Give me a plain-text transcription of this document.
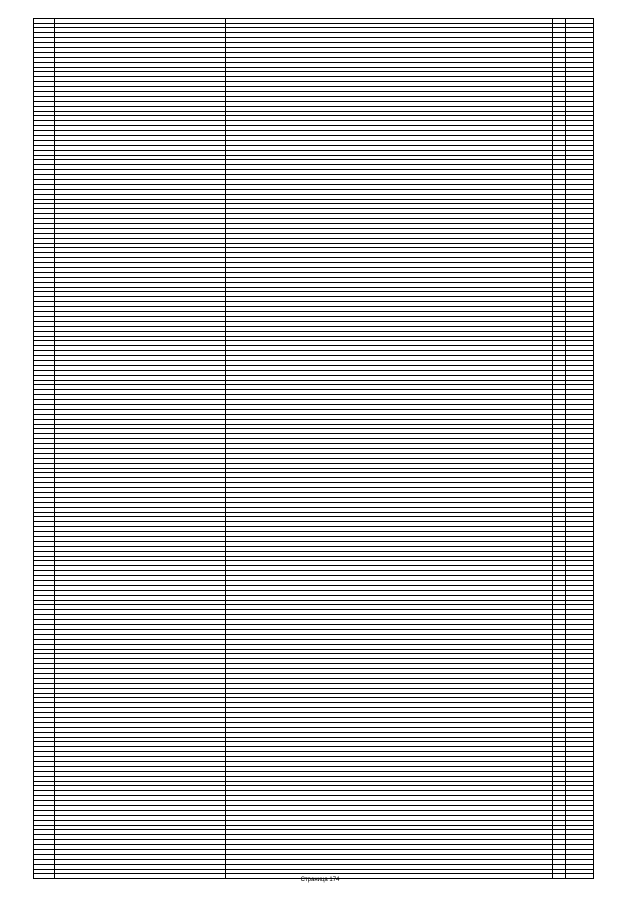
Страница 174
